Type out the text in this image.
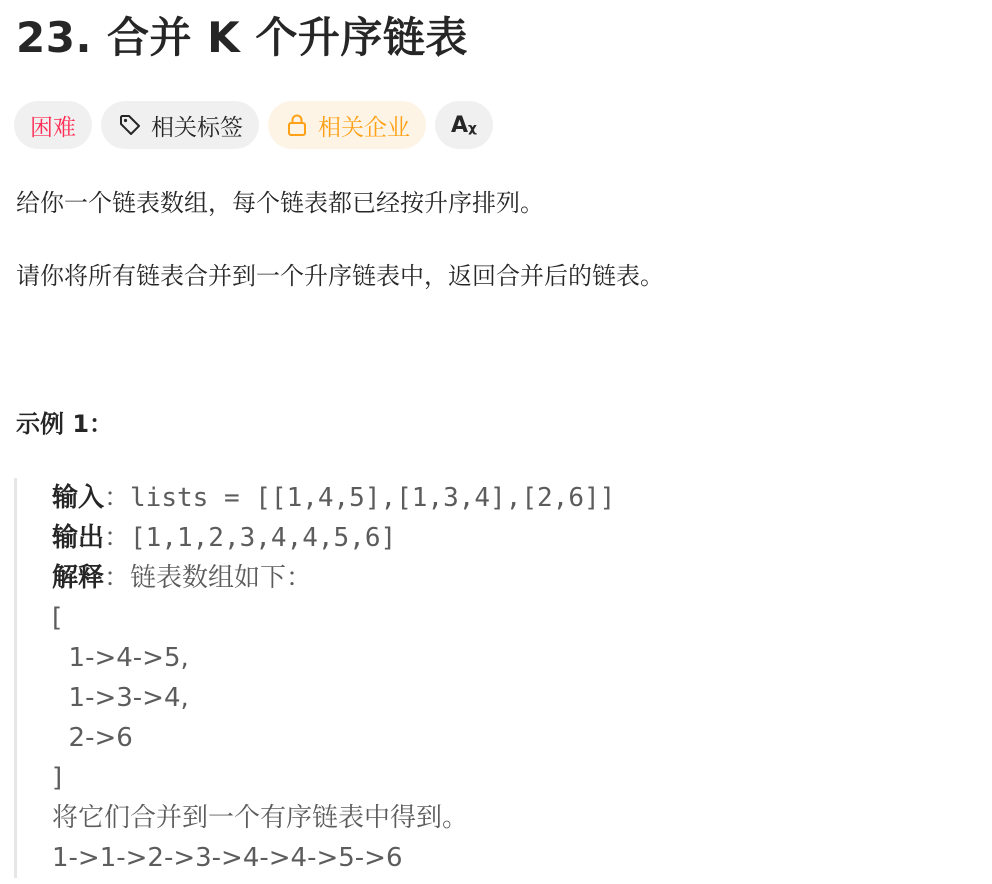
23. 合并 K 个升序链表
困难	相关标签	相关企业 Aᵪ
给你一个链表数组，每个链表都已经按升序排列。
请你将所有链表合并到一个升序链表中，返回合并后的链表。
示例 1：
输入：lists = [[1,4,5],[1,3,4],[2,6]]
输出：[1,1,2,3,4,4,5,6]
解释：链表数组如下：
[
1->4->5,
1->3->4,
2->6
]
将它们合并到一个有序链表中得到。
1->1->2->3->4->4->5->6
